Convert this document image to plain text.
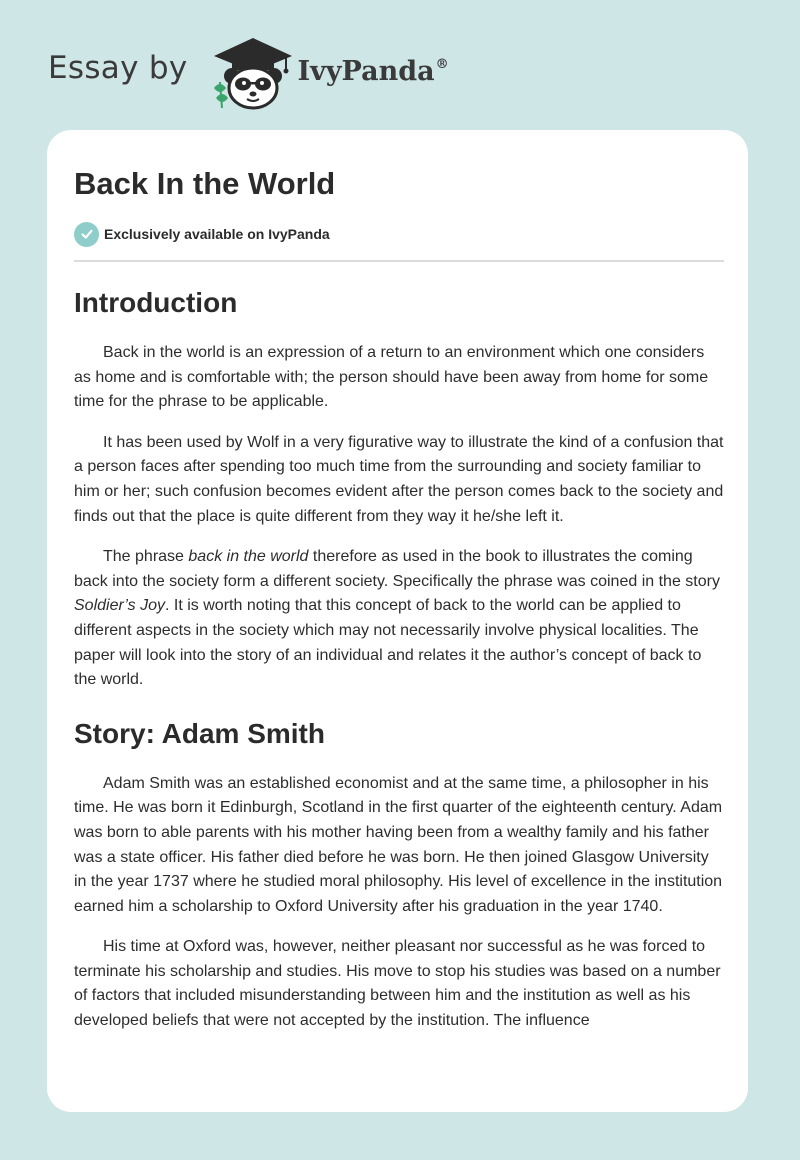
Essay by	IvyPanda®
Back In the World
Exclusively available on IvyPanda
Introduction

Back in the world is an expression of a return to an environment which one considers as home and is comfortable with; the person should have been away from home for some time for the phrase to be applicable.

It has been used by Wolf in a very figurative way to illustrate the kind of a confusion that a person faces after spending too much time from the surrounding and society familiar to him or her; such confusion becomes evident after the person comes back to the society and finds out that the place is quite different from they way it he/she left it.

The phrase back in the world therefore as used in the book to illustrates the coming back into the society form a different society. Specifically the phrase was coined in the story Soldier’s Joy. It is worth noting that this concept of back to the world can be applied to different aspects in the society which may not necessarily involve physical localities. The paper will look into the story of an individual and relates it the author’s concept of back to the world.

Story: Adam Smith

Adam Smith was an established economist and at the same time, a philosopher in his time. He was born it Edinburgh, Scotland in the first quarter of the eighteenth century. Adam was born to able parents with his mother having been from a wealthy family and his father was a state officer. His father died before he was born. He then joined Glasgow University in the year 1737 where he studied moral philosophy. His level of excellence in the institution earned him a scholarship to Oxford University after his graduation in the year 1740.

His time at Oxford was, however, neither pleasant nor successful as he was forced to terminate his scholarship and studies. His move to stop his studies was based on a number of factors that included misunderstanding between him and the institution as well as his developed beliefs that were not accepted by the institution. The influence
